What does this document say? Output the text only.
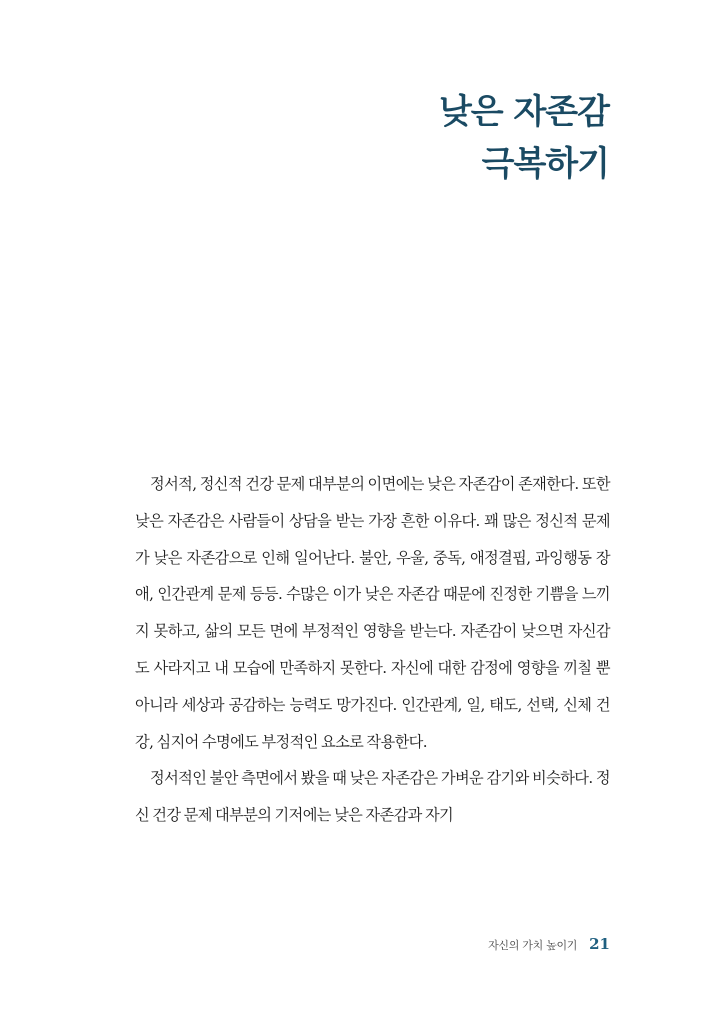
낮은 자존감
극복하기

정서적, 정신적 건강 문제 대부분의 이면에는 낮은 자존감이 존재한다. 또한 낮은 자존감은 사람들이 상담을 받는 가장 흔한 이유다. 꽤 많은 정신적 문제가 낮은 자존감으로 인해 일어난다. 불안, 우울, 중독, 애정결핍, 과잉행동 장애, 인간관계 문제 등등. 수많은 이가 낮은 자존감 때문에 진정한 기쁨을 느끼지 못하고, 삶의 모든 면에 부정적인 영향을 받는다. 자존감이 낮으면 자신감도 사라지고 내 모습에 만족하지 못한다. 자신에 대한 감정에 영향을 끼칠 뿐 아니라 세상과 공감하는 능력도 망가진다. 인간관계, 일, 태도, 선택, 신체 건강, 심지어 수명에도 부정적인 요소로 작용한다.

정서적인 불안 측면에서 봤을 때 낮은 자존감은 가벼운 감기와 비슷하다. 정신 건강 문제 대부분의 기저에는 낮은 자존감과 자기

자신의 가치 높이기 21
